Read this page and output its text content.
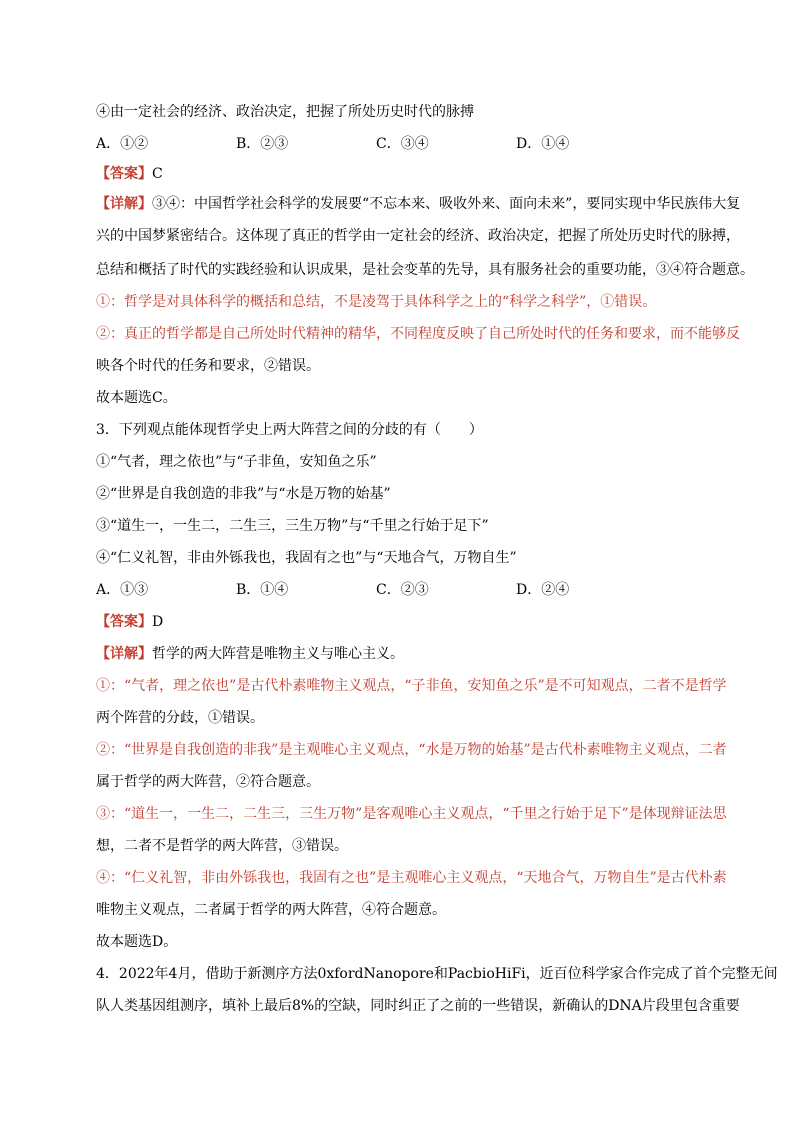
④由一定社会的经济、政治决定，把握了所处历史时代的脉搏
A．①②	B．②③	C．③④	D．①④
【答案】C
【详解】③④：中国哲学社会科学的发展要“不忘本来、吸收外来、面向未来”，要同实现中华民族伟大复
兴的中国梦紧密结合。这体现了真正的哲学由一定社会的经济、政治决定，把握了所处历史时代的脉搏，
总结和概括了时代的实践经验和认识成果，是社会变革的先导，具有服务社会的重要功能，③④符合题意。
①：哲学是对具体科学的概括和总结，不是凌驾于具体科学之上的“科学之科学”，①错误。
②：真正的哲学都是自己所处时代精神的精华，不同程度反映了自己所处时代的任务和要求，而不能够反
映各个时代的任务和要求，②错误。
故本题选C。
3．下列观点能体现哲学史上两大阵营之间的分歧的有（　　）
①“气者，理之依也”与“子非鱼，安知鱼之乐”
②“世界是自我创造的非我”与“水是万物的始基”
③“道生一，一生二，二生三，三生万物”与“千里之行始于足下”
④“仁义礼智，非由外铄我也，我固有之也”与“天地合气，万物自生”
A．①③	B．①④	C．②③	D．②④
【答案】D
【详解】哲学的两大阵营是唯物主义与唯心主义。
①：“气者，理之依也”是古代朴素唯物主义观点，“子非鱼，安知鱼之乐”是不可知观点，二者不是哲学
两个阵营的分歧，①错误。
②：“世界是自我创造的非我”是主观唯心主义观点，“水是万物的始基”是古代朴素唯物主义观点，二者
属于哲学的两大阵营，②符合题意。
③：“道生一，一生二，二生三，三生万物”是客观唯心主义观点，“千里之行始于足下”是体现辩证法思
想，二者不是哲学的两大阵营，③错误。
④：“仁义礼智，非由外铄我也，我固有之也”是主观唯心主义观点，“天地合气，万物自生”是古代朴素
唯物主义观点，二者属于哲学的两大阵营，④符合题意。
故本题选D。
4．2022年4月，借助于新测序方法0xfordNanopore和PacbioHiFi，近百位科学家合作完成了首个完整无间
队人类基因组测序，填补上最后8%的空缺，同时纠正了之前的一些错误，新确认的DNA片段里包含重要
